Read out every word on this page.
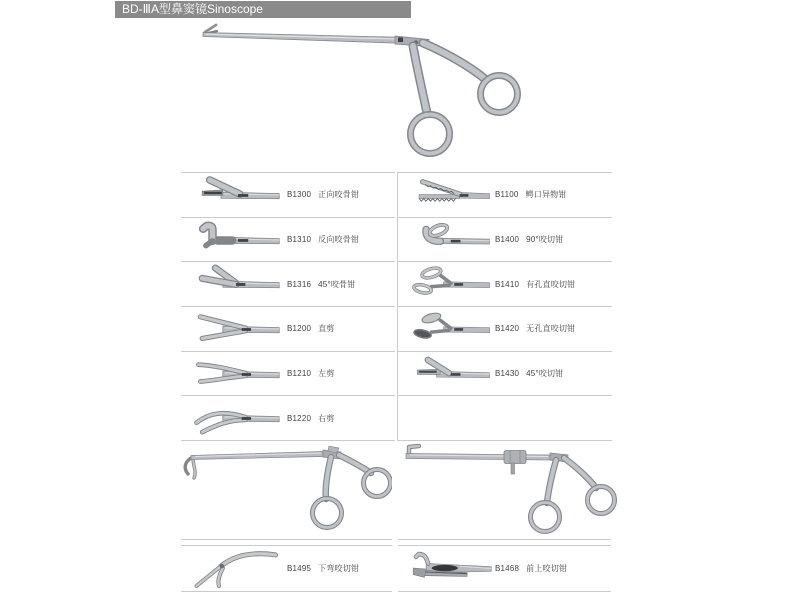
BD-ⅢA型鼻窦镜Sinoscope
B1300 正向咬骨钳
B1310 反向咬骨钳
B1316 45°咬骨钳
B1200 直剪
B1210 左剪
B1220 右剪
B1100 鳄口异物钳
B1400 90°咬切钳
B1410 有孔直咬切钳
B1420 无孔直咬切钳
B1430 45°咬切钳
B1495 下弯咬切钳	B1468 前上咬切钳
